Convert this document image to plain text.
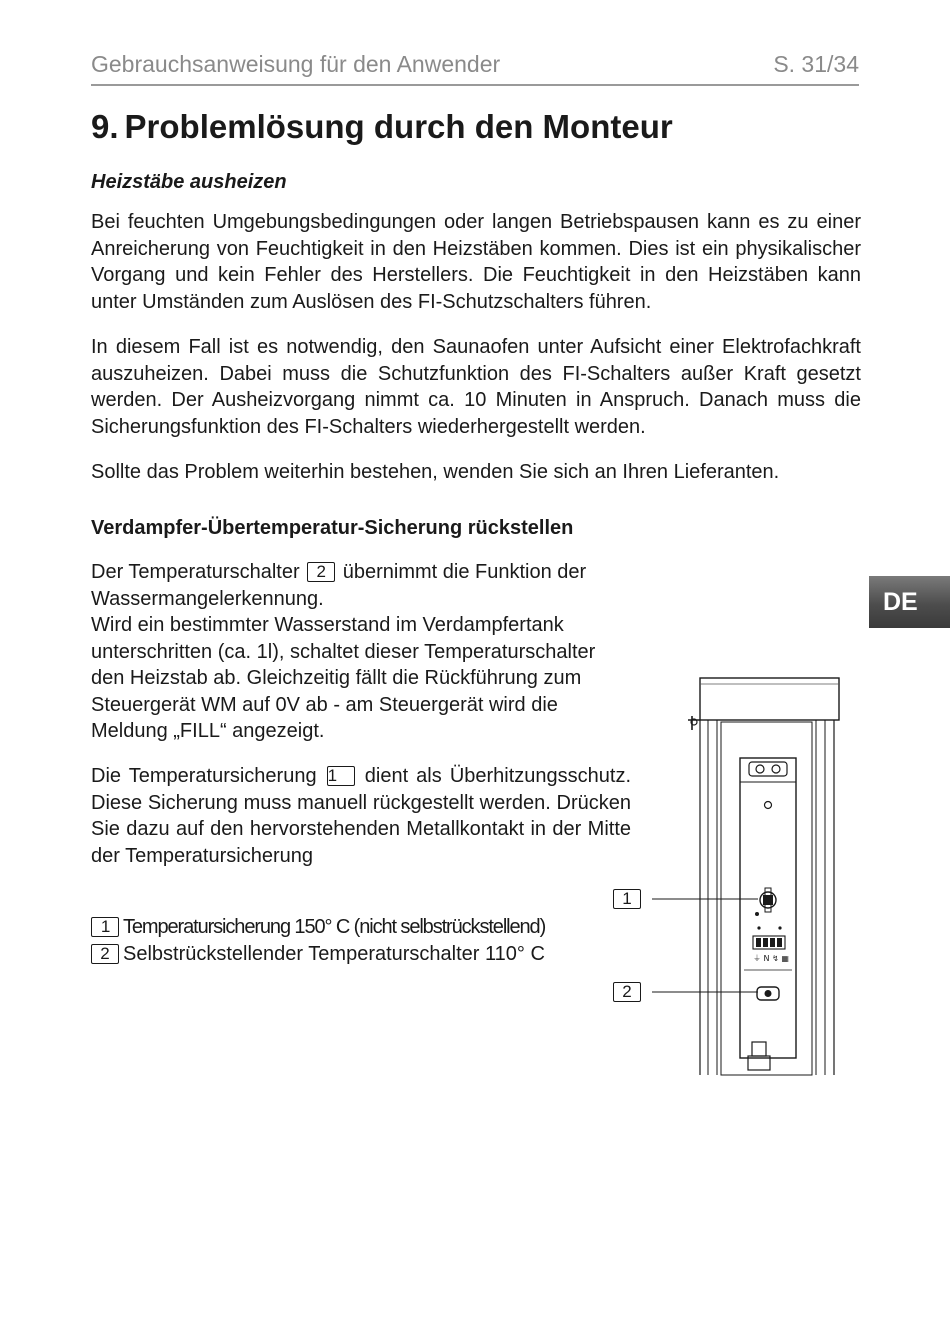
Gebrauchsanweisung für den Anwender	S. 31/34
9. Problemlösung durch den Monteur
Heizstäbe ausheizen

Bei feuchten Umgebungsbedingungen oder langen Betriebspausen kann es zu einer Anreicherung von Feuchtigkeit in den Heizstäben kommen. Dies ist ein physikalischer Vorgang und kein Fehler des Herstellers. Die Feuchtigkeit in den Heizstäben kann unter Umständen zum Auslösen des FI-Schutzschalters führen.

In diesem Fall ist es notwendig, den Saunaofen unter Aufsicht einer Elektrofachkraft auszuheizen. Dabei muss die Schutzfunktion des FI-Schalters außer Kraft gesetzt werden. Der Ausheizvorgang nimmt ca. 10 Minuten in Anspruch. Danach muss die Sicherungsfunktion des FI-Schalters wiederhergestellt werden.

Sollte das Problem weiterhin bestehen, wenden Sie sich an Ihren Lieferanten.

Verdampfer-Übertemperatur-Sicherung rückstellen

Der Temperaturschalter 2 übernimmt die Funktion der Wassermangelerkennung.
Wird ein bestimmter Wasserstand im Verdampfertank unterschritten (ca. 1l), schaltet dieser Temperaturschalter den Heizstab ab. Gleichzeitig fällt die Rückführung zum Steuergerät WM auf 0V ab - am Steuergerät wird die Meldung „FILL“ angezeigt.

Die Temperatursicherung 1 dient als Überhitzungsschutz. Diese Sicherung muss manuell rückgestellt werden. Drücken Sie dazu auf den hervorstehenden Metallkontakt in der Mitte der Temperatursicherung

1 Temperatursicherung 150° C (nicht selbstrückstellend)
2 Selbstrückstellender Temperaturschalter 110° C
DE
⏚ N ↯ ▦
1
2
